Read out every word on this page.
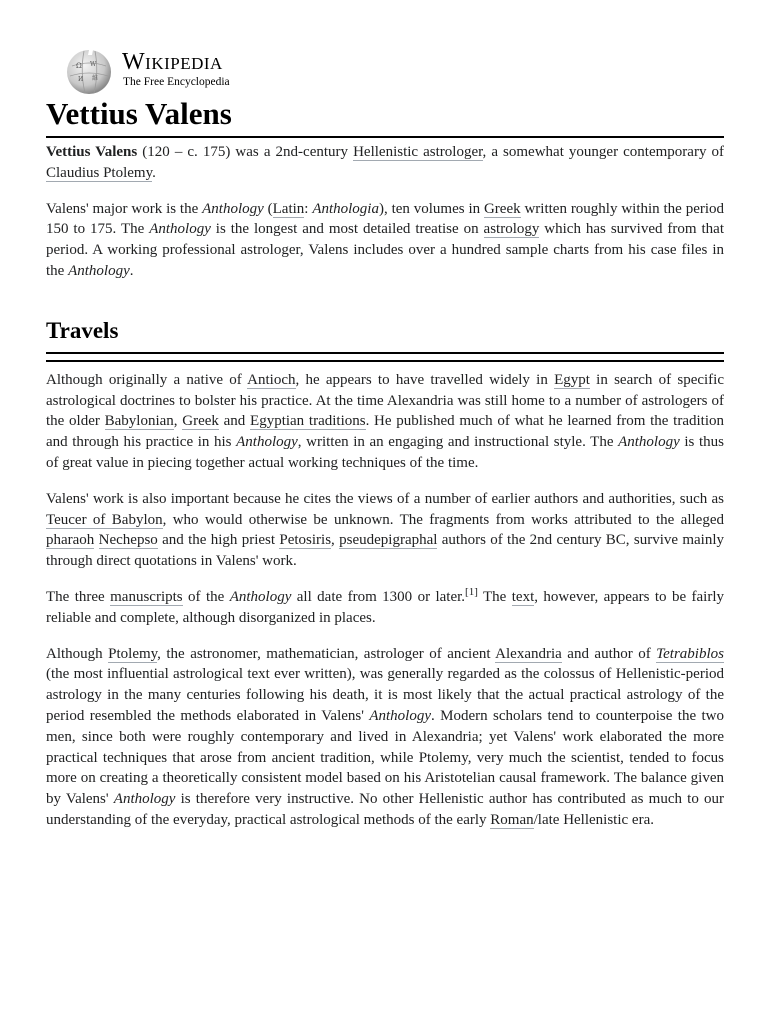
Ω W
И 維
Wikipedia
The Free Encyclopedia
Vettius Valens

Vettius Valens (120 – c. 175) was a 2nd-century Hellenistic astrologer, a somewhat younger contemporary of Claudius Ptolemy.

Valens' major work is the Anthology (Latin: Anthologia), ten volumes in Greek written roughly within the period 150 to 175. The Anthology is the longest and most detailed treatise on astrology which has survived from that period. A working professional astrologer, Valens includes over a hundred sample charts from his case files in the Anthology.

Travels

Although originally a native of Antioch, he appears to have travelled widely in Egypt in search of specific astrological doctrines to bolster his practice. At the time Alexandria was still home to a number of astrologers of the older Babylonian, Greek and Egyptian traditions. He published much of what he learned from the tradition and through his practice in his Anthology, written in an engaging and instructional style. The Anthology is thus of great value in piecing together actual working techniques of the time.

Valens' work is also important because he cites the views of a number of earlier authors and authorities, such as Teucer of Babylon, who would otherwise be unknown. The fragments from works attributed to the alleged pharaoh Nechepso and the high priest Petosiris, pseudepigraphal authors of the 2nd century BC, survive mainly through direct quotations in Valens' work.

The three manuscripts of the Anthology all date from 1300 or later.[1] The text, however, appears to be fairly reliable and complete, although disorganized in places.

Although Ptolemy, the astronomer, mathematician, astrologer of ancient Alexandria and author of Tetrabiblos (the most influential astrological text ever written), was generally regarded as the colossus of Hellenistic-period astrology in the many centuries following his death, it is most likely that the actual practical astrology of the period resembled the methods elaborated in Valens' Anthology. Modern scholars tend to counterpoise the two men, since both were roughly contemporary and lived in Alexandria; yet Valens' work elaborated the more practical techniques that arose from ancient tradition, while Ptolemy, very much the scientist, tended to focus more on creating a theoretically consistent model based on his Aristotelian causal framework. The balance given by Valens' Anthology is therefore very instructive. No other Hellenistic author has contributed as much to our understanding of the everyday, practical astrological methods of the early Roman/late Hellenistic era.
